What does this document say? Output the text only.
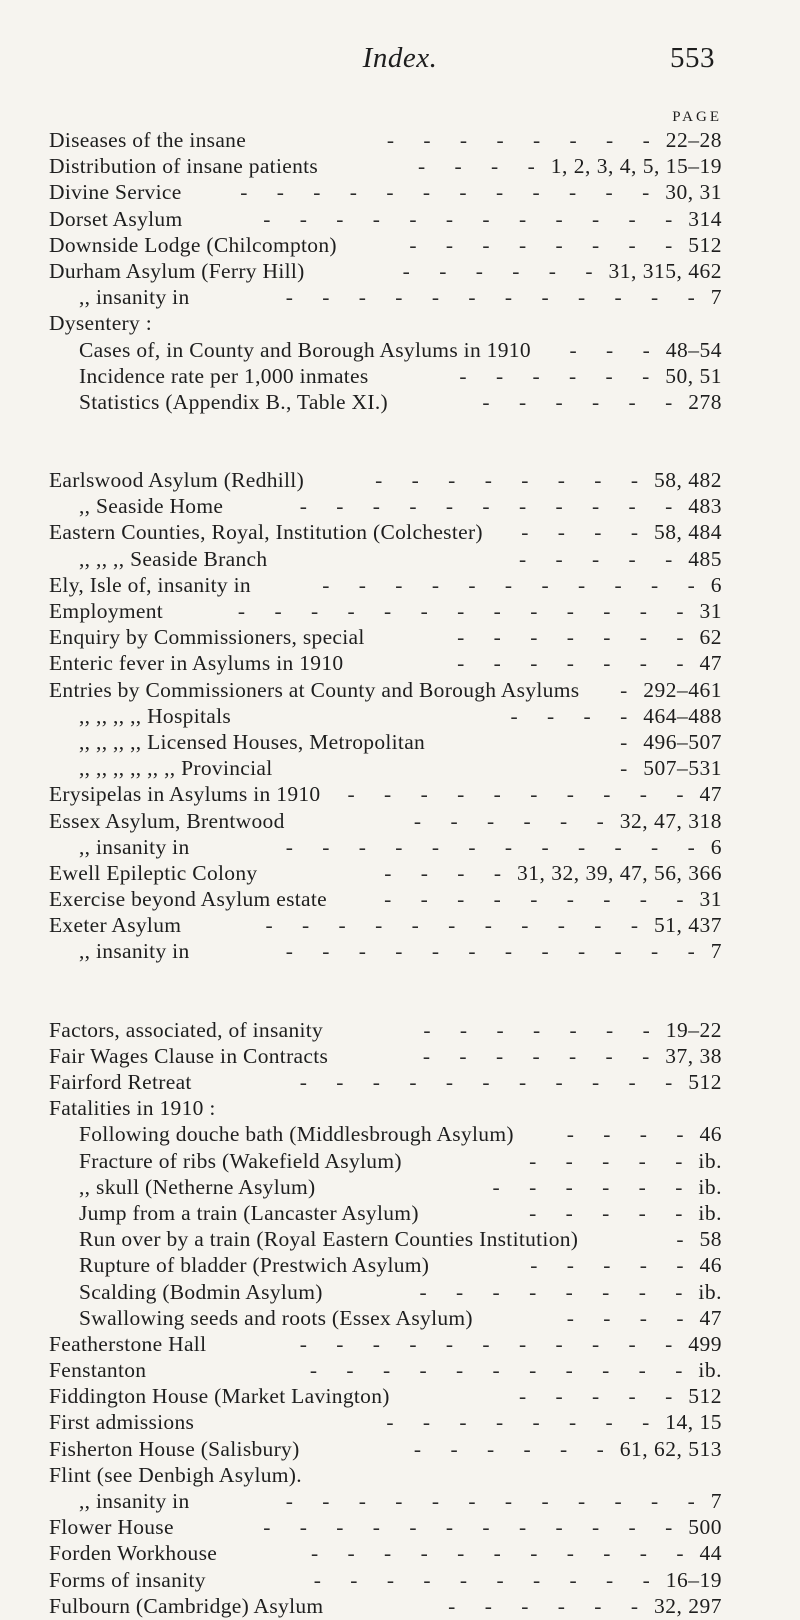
Index.	553
PAGE
Diseases of the insane	- - - - - - - - 22–28
Distribution of insane patients	- - - - 1, 2, 3, 4, 5, 15–19
Divine Service	- - - - - - - - - - - - 30, 31
Dorset Asylum	- - - - - - - - - - - - 314
Downside Lodge (Chilcompton)	- - - - - - - - 512
Durham Asylum (Ferry Hill)	- - - - - - 31, 315, 462
,, insanity in	- - - - - - - - - - - - 7
Dysentery :
Cases of, in County and Borough Asylums in 1910	- - - 48–54
Incidence rate per 1,000 inmates	- - - - - - 50, 51
Statistics (Appendix B., Table XI.)	- - - - - - 278
Earlswood Asylum (Redhill)	- - - - - - - - 58, 482
,, Seaside Home	- - - - - - - - - - - 483
Eastern Counties, Royal, Institution (Colchester)	- - - - 58, 484
,, ,, ,, Seaside Branch	- - - - - 485
Ely, Isle of, insanity in	- - - - - - - - - - - 6
Employment	- - - - - - - - - - - - - 31
Enquiry by Commissioners, special	- - - - - - - 62
Enteric fever in Asylums in 1910	- - - - - - - 47
Entries by Commissioners at County and Borough Asylums	- 292–461
,, ,, ,, ,, Hospitals	- - - - 464–488
,, ,, ,, ,, Licensed Houses, Metropolitan	- 496–507
,, ,, ,, ,, ,, ,, Provincial	- 507–531
Erysipelas in Asylums in 1910	- - - - - - - - - - 47
Essex Asylum, Brentwood	- - - - - - 32, 47, 318
,, insanity in	- - - - - - - - - - - - 6
Ewell Epileptic Colony	- - - - 31, 32, 39, 47, 56, 366
Exercise beyond Asylum estate	- - - - - - - - - 31
Exeter Asylum	- - - - - - - - - - - 51, 437
,, insanity in	- - - - - - - - - - - - 7
Factors, associated, of insanity	- - - - - - - 19–22
Fair Wages Clause in Contracts	- - - - - - - 37, 38
Fairford Retreat	- - - - - - - - - - - 512
Fatalities in 1910 :
Following douche bath (Middlesbrough Asylum)	- - - - 46
Fracture of ribs (Wakefield Asylum)	- - - - - ib.
,, skull (Netherne Asylum)	- - - - - - ib.
Jump from a train (Lancaster Asylum)	- - - - - ib.
Run over by a train (Royal Eastern Counties Institution)	- 58
Rupture of bladder (Prestwich Asylum)	- - - - - 46
Scalding (Bodmin Asylum)	- - - - - - - - ib.
Swallowing seeds and roots (Essex Asylum)	- - - - 47
Featherstone Hall	- - - - - - - - - - - 499
Fenstanton	- - - - - - - - - - - ib.
Fiddington House (Market Lavington)	- - - - - 512
First admissions	- - - - - - - - 14, 15
Fisherton House (Salisbury)	- - - - - - 61, 62, 513
Flint (see Denbigh Asylum).
,, insanity in	- - - - - - - - - - - - 7
Flower House	- - - - - - - - - - - - 500
Forden Workhouse	- - - - - - - - - - - 44
Forms of insanity	- - - - - - - - - - 16–19
Fulbourn (Cambridge) Asylum	- - - - - - 32, 297
